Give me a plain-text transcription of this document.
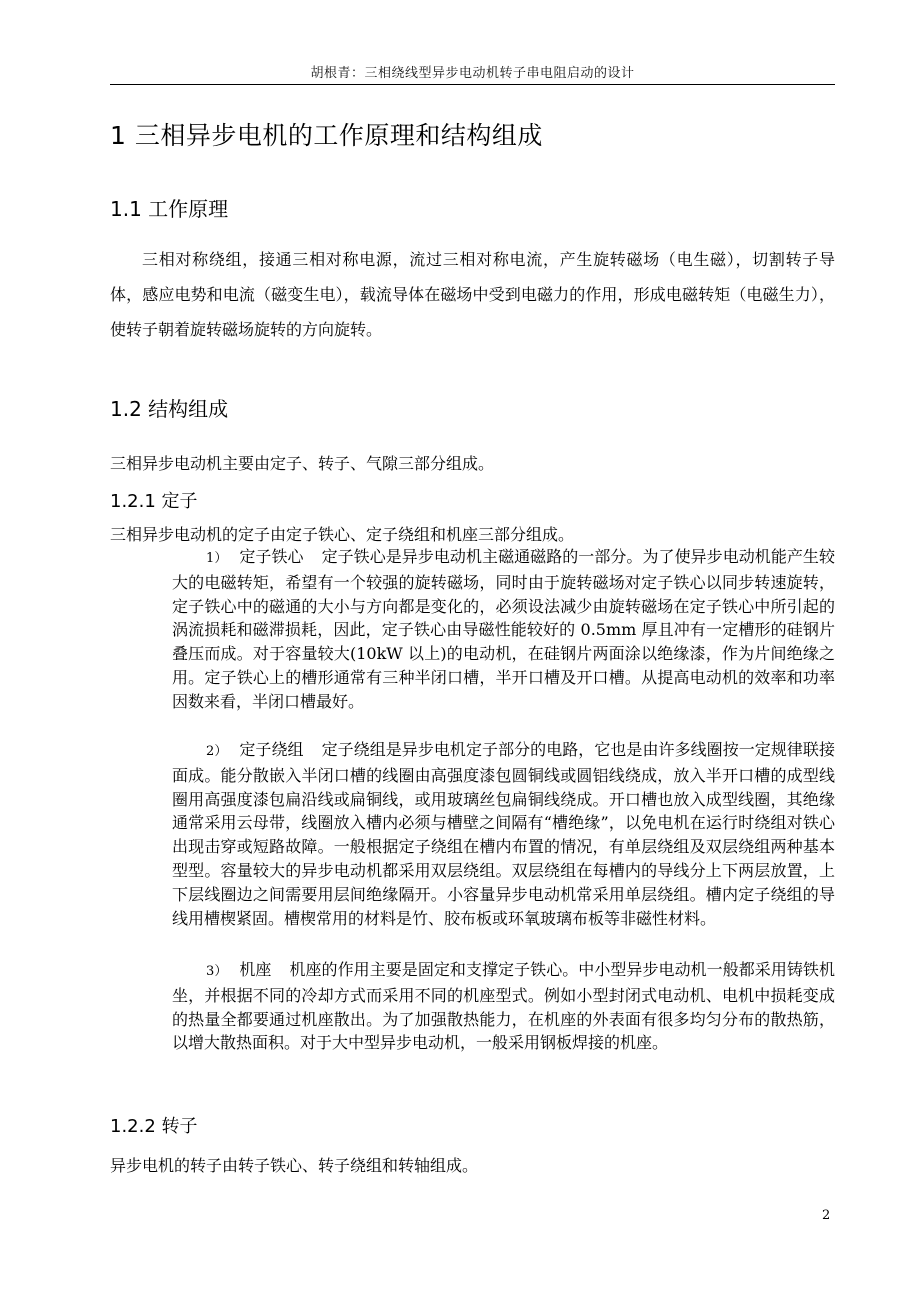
胡根青：三相绕线型异步电动机转子串电阻启动的设计
1 三相异步电机的工作原理和结构组成
1.1 工作原理
三相对称绕组，接通三相对称电源，流过三相对称电流，产生旋转磁场（电生磁），切割转子导体，感应电势和电流（磁变生电），载流导体在磁场中受到电磁力的作用，形成电磁转矩（电磁生力），使转子朝着旋转磁场旋转的方向旋转。
1.2 结构组成
三相异步电动机主要由定子、转子、气隙三部分组成。
1.2.1 定子
三相异步电动机的定子由定子铁心、定子绕组和机座三部分组成。
1） 定子铁心 定子铁心是异步电动机主磁通磁路的一部分。为了使异步电动机能产生较大的电磁转矩，希望有一个较强的旋转磁场，同时由于旋转磁场对定子铁心以同步转速旋转，定子铁心中的磁通的大小与方向都是变化的，必须设法减少由旋转磁场在定子铁心中所引起的涡流损耗和磁滞损耗，因此，定子铁心由导磁性能较好的 0.5mm 厚且冲有一定槽形的硅钢片叠压而成。对于容量较大(10kW 以上)的电动机，在硅钢片两面涂以绝缘漆，作为片间绝缘之用。定子铁心上的槽形通常有三种半闭口槽，半开口槽及开口槽。从提高电动机的效率和功率因数来看，半闭口槽最好。
2） 定子绕组 定子绕组是异步电机定子部分的电路，它也是由许多线圈按一定规律联接面成。能分散嵌入半闭口槽的线圈由高强度漆包圆铜线或圆铝线绕成，放入半开口槽的成型线圈用高强度漆包扁沿线或扁铜线，或用玻璃丝包扁铜线绕成。开口槽也放入成型线圈，其绝缘通常采用云母带，线圈放入槽内必须与槽壁之间隔有“槽绝缘”，以免电机在运行时绕组对铁心出现击穿或短路故障。一般根据定子绕组在槽内布置的情况，有单层绕组及双层绕组两种基本型型。容量较大的异步电动机都采用双层绕组。双层绕组在每槽内的导线分上下两层放置，上下层线圈边之间需要用层间绝缘隔开。小容量异步电动机常采用单层绕组。槽内定子绕组的导线用槽楔紧固。槽楔常用的材料是竹、胶布板或环氧玻璃布板等非磁性材料。
3） 机座 机座的作用主要是固定和支撑定子铁心。中小型异步电动机一般都采用铸铁机坐，并根据不同的冷却方式而采用不同的机座型式。例如小型封闭式电动机、电机中损耗变成的热量全都要通过机座散出。为了加强散热能力，在机座的外表面有很多均匀分布的散热筋，以增大散热面积。对于大中型异步电动机，一般采用钢板焊接的机座。
1.2.2 转子
异步电机的转子由转子铁心、转子绕组和转轴组成。
2
